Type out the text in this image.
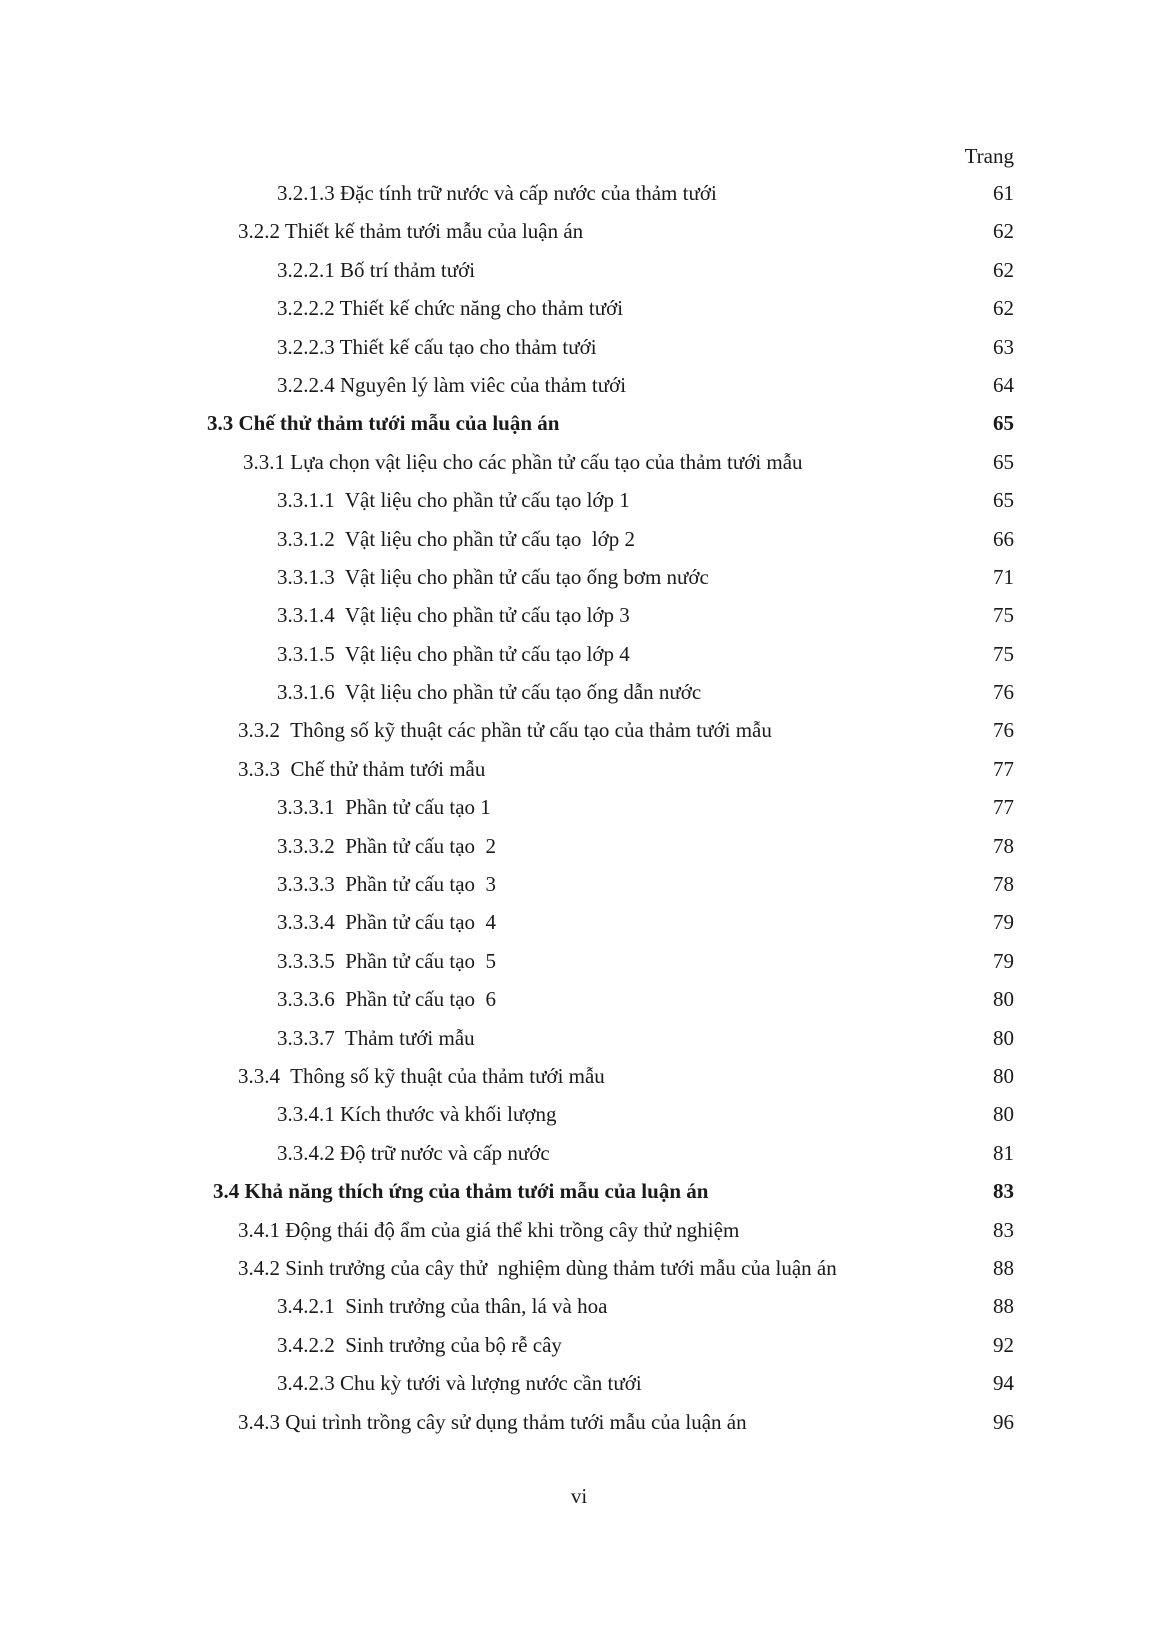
Trang
3.2.1.3 Đặc tính trữ nước và cấp nước của thảm tưới	61
3.2.2 Thiết kế thảm tưới mẫu của luận án	62
3.2.2.1 Bố trí thảm tưới	62
3.2.2.2 Thiết kế chức năng cho thảm tưới	62
3.2.2.3 Thiết kế cấu tạo cho thảm tưới	63
3.2.2.4 Nguyên lý làm viêc của thảm tưới	64
3.3 Chế thử thảm tưới mẫu của luận án	65
3.3.1 Lựa chọn vật liệu cho các phần tử cấu tạo của thảm tưới mẫu	65
3.3.1.1  Vật liệu cho phần tử cấu tạo lớp 1	65
3.3.1.2  Vật liệu cho phần tử cấu tạo  lớp 2	66
3.3.1.3  Vật liệu cho phần tử cấu tạo ống bơm nước	71
3.3.1.4  Vật liệu cho phần tử cấu tạo lớp 3	75
3.3.1.5  Vật liệu cho phần tử cấu tạo lớp 4	75
3.3.1.6  Vật liệu cho phần tử cấu tạo ống dẫn nước	76
3.3.2  Thông số kỹ thuật các phần tử cấu tạo của thảm tưới mẫu	76
3.3.3  Chế thử thảm tưới mẫu	77
3.3.3.1  Phần tử cấu tạo 1	77
3.3.3.2  Phần tử cấu tạo  2	78
3.3.3.3  Phần tử cấu tạo  3	78
3.3.3.4  Phần tử cấu tạo  4	79
3.3.3.5  Phần tử cấu tạo  5	79
3.3.3.6  Phần tử cấu tạo  6	80
3.3.3.7  Thảm tưới mẫu	80
3.3.4  Thông số kỹ thuật của thảm tưới mẫu	80
3.3.4.1 Kích thước và khối lượng	80
3.3.4.2 Độ trữ nước và cấp nước	81
3.4 Khả năng thích ứng của thảm tưới mẫu của luận án	83
3.4.1 Động thái độ ẩm của giá thể khi trồng cây thử nghiệm	83
3.4.2 Sinh trưởng của cây thử  nghiệm dùng thảm tưới mẫu của luận án	88
3.4.2.1  Sinh trưởng của thân, lá và hoa	88
3.4.2.2  Sinh trưởng của bộ rễ cây	92
3.4.2.3 Chu kỳ tưới và lượng nước cần tưới	94
3.4.3 Qui trình trồng cây sử dụng thảm tưới mẫu của luận án	96
vi
